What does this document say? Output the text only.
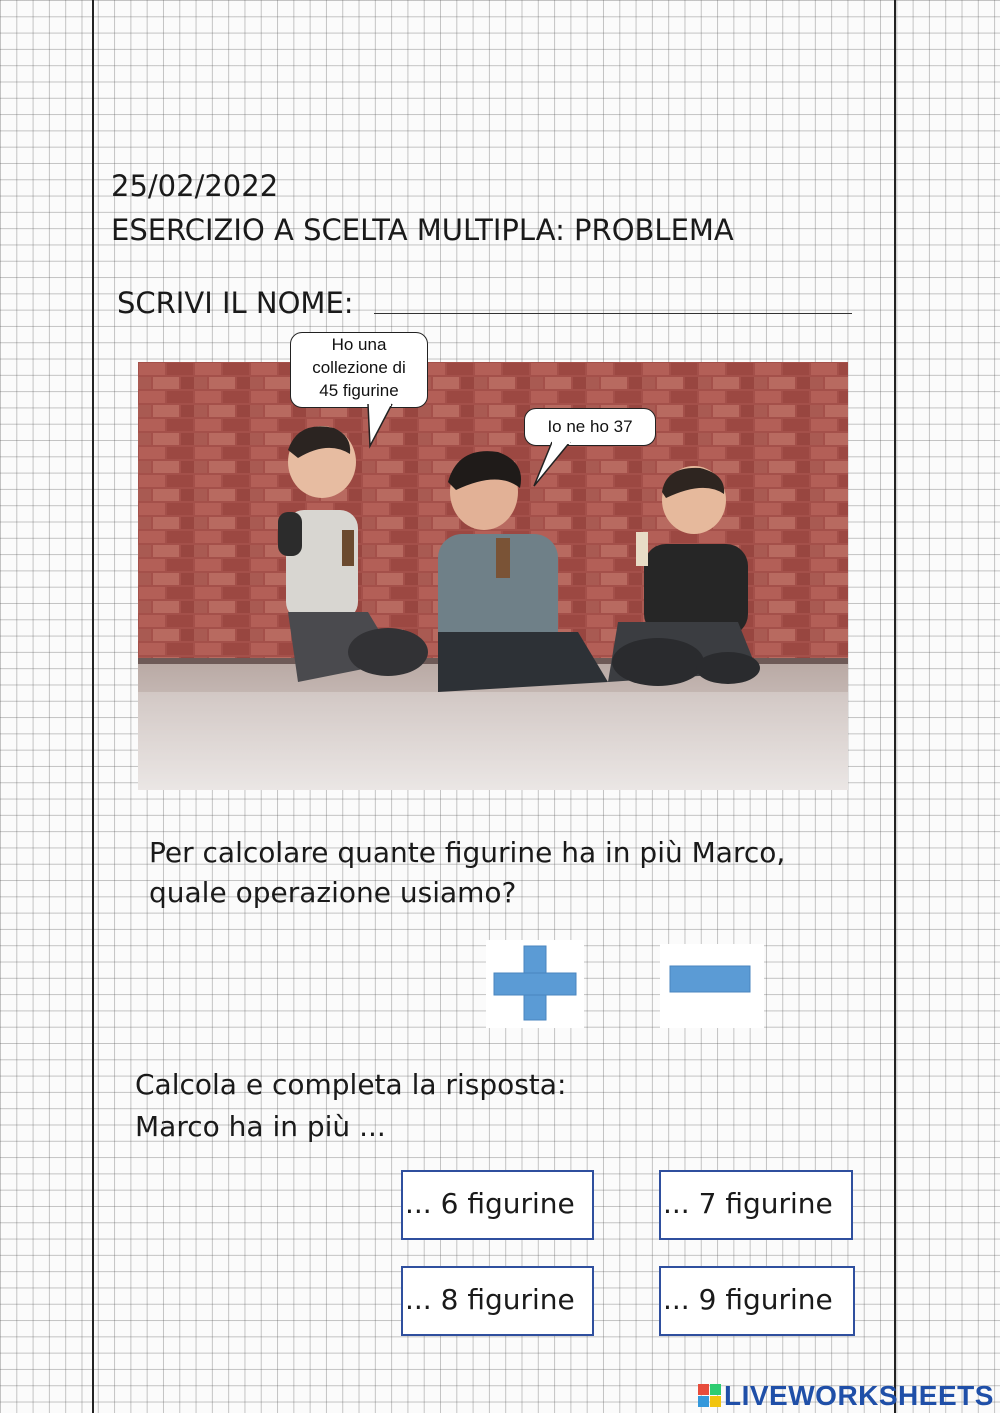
25/02/2022
ESERCIZIO A SCELTA MULTIPLA: PROBLEMA
SCRIVI IL NOME:
Ho una
collezione di
45 figurine
Io ne ho 37
Per calcolare quante figurine ha in più Marco,
quale operazione usiamo?
Calcola e completa la risposta:
Marco ha in più ...
... 6 figurine	... 7 figurine
... 8 figurine	... 9 figurine
LIVEWORKSHEETS
